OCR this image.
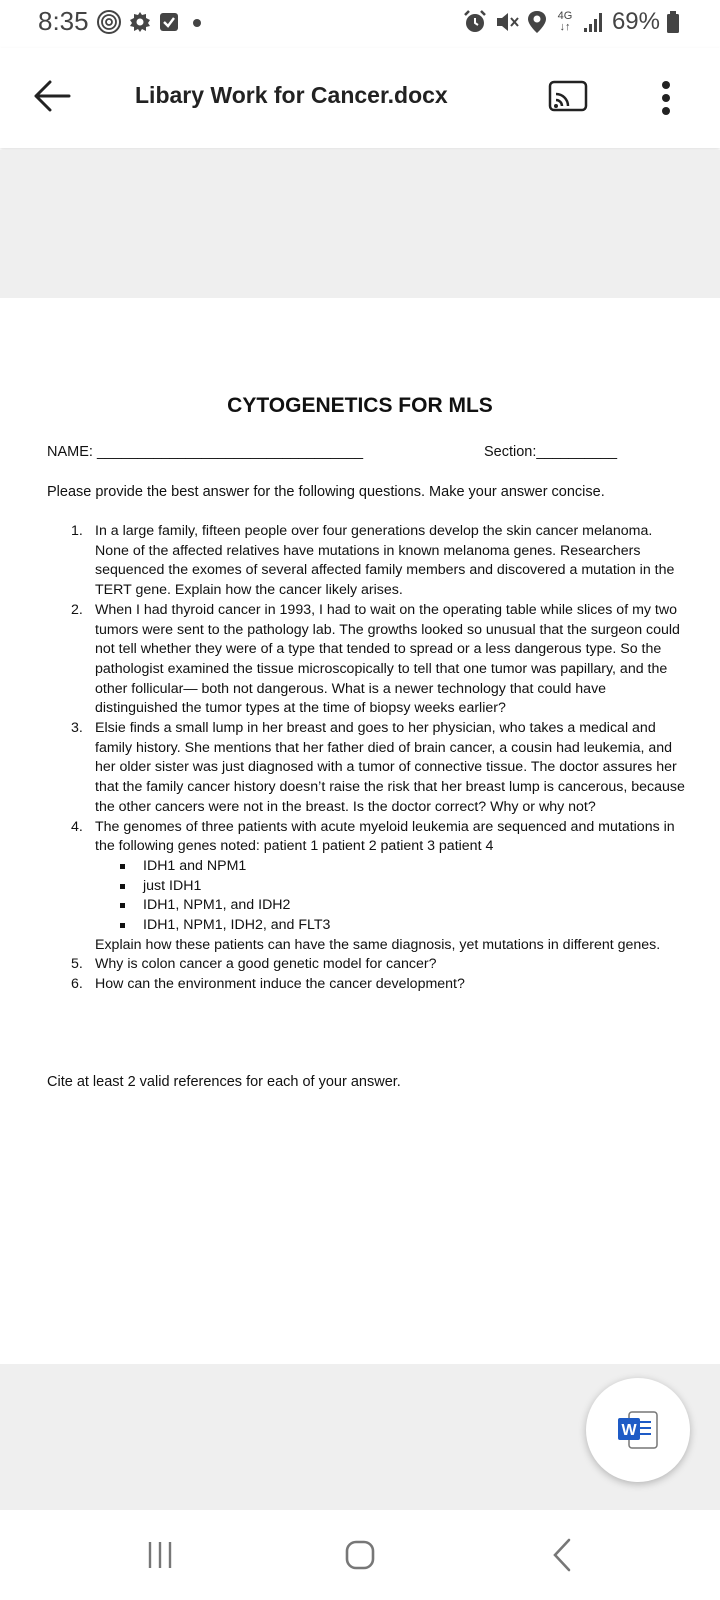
8:35	4G
↓↑ 69%
Libary Work for Cancer.docx
CYTOGENETICS FOR MLS
NAME: _________________________________	Section:__________
Please provide the best answer for the following questions. Make your answer concise.
1. In a large family, fifteen people over four generations develop the skin cancer melanoma. None of the affected relatives have mutations in known melanoma genes. Researchers sequenced the exomes of several affected family members and discovered a mutation in the TERT gene. Explain how the cancer likely arises.
2. When I had thyroid cancer in 1993, I had to wait on the operating table while slices of my two tumors were sent to the pathology lab. The growths looked so unusual that the surgeon could not tell whether they were of a type that tended to spread or a less dangerous type. So the pathologist examined the tissue microscopically to tell that one tumor was papillary, and the other follicular— both not dangerous. What is a newer technology that could have distinguished the tumor types at the time of biopsy weeks earlier?
3. Elsie finds a small lump in her breast and goes to her physician, who takes a medical and family history. She mentions that her father died of brain cancer, a cousin had leukemia, and her older sister was just diagnosed with a tumor of connective tissue. The doctor assures her that the family cancer history doesn’t raise the risk that her breast lump is cancerous, because the other cancers were not in the breast. Is the doctor correct? Why or why not?
4. The genomes of three patients with acute myeloid leukemia are sequenced and mutations in the following genes noted: patient 1 patient 2 patient 3 patient 4
IDH1 and NPM1
just IDH1
IDH1, NPM1, and IDH2
IDH1, NPM1, IDH2, and FLT3
Explain how these patients can have the same diagnosis, yet mutations in different genes.
5. Why is colon cancer a good genetic model for cancer?
6. How can the environment induce the cancer development?
Cite at least 2 valid references for each of your answer.
W
